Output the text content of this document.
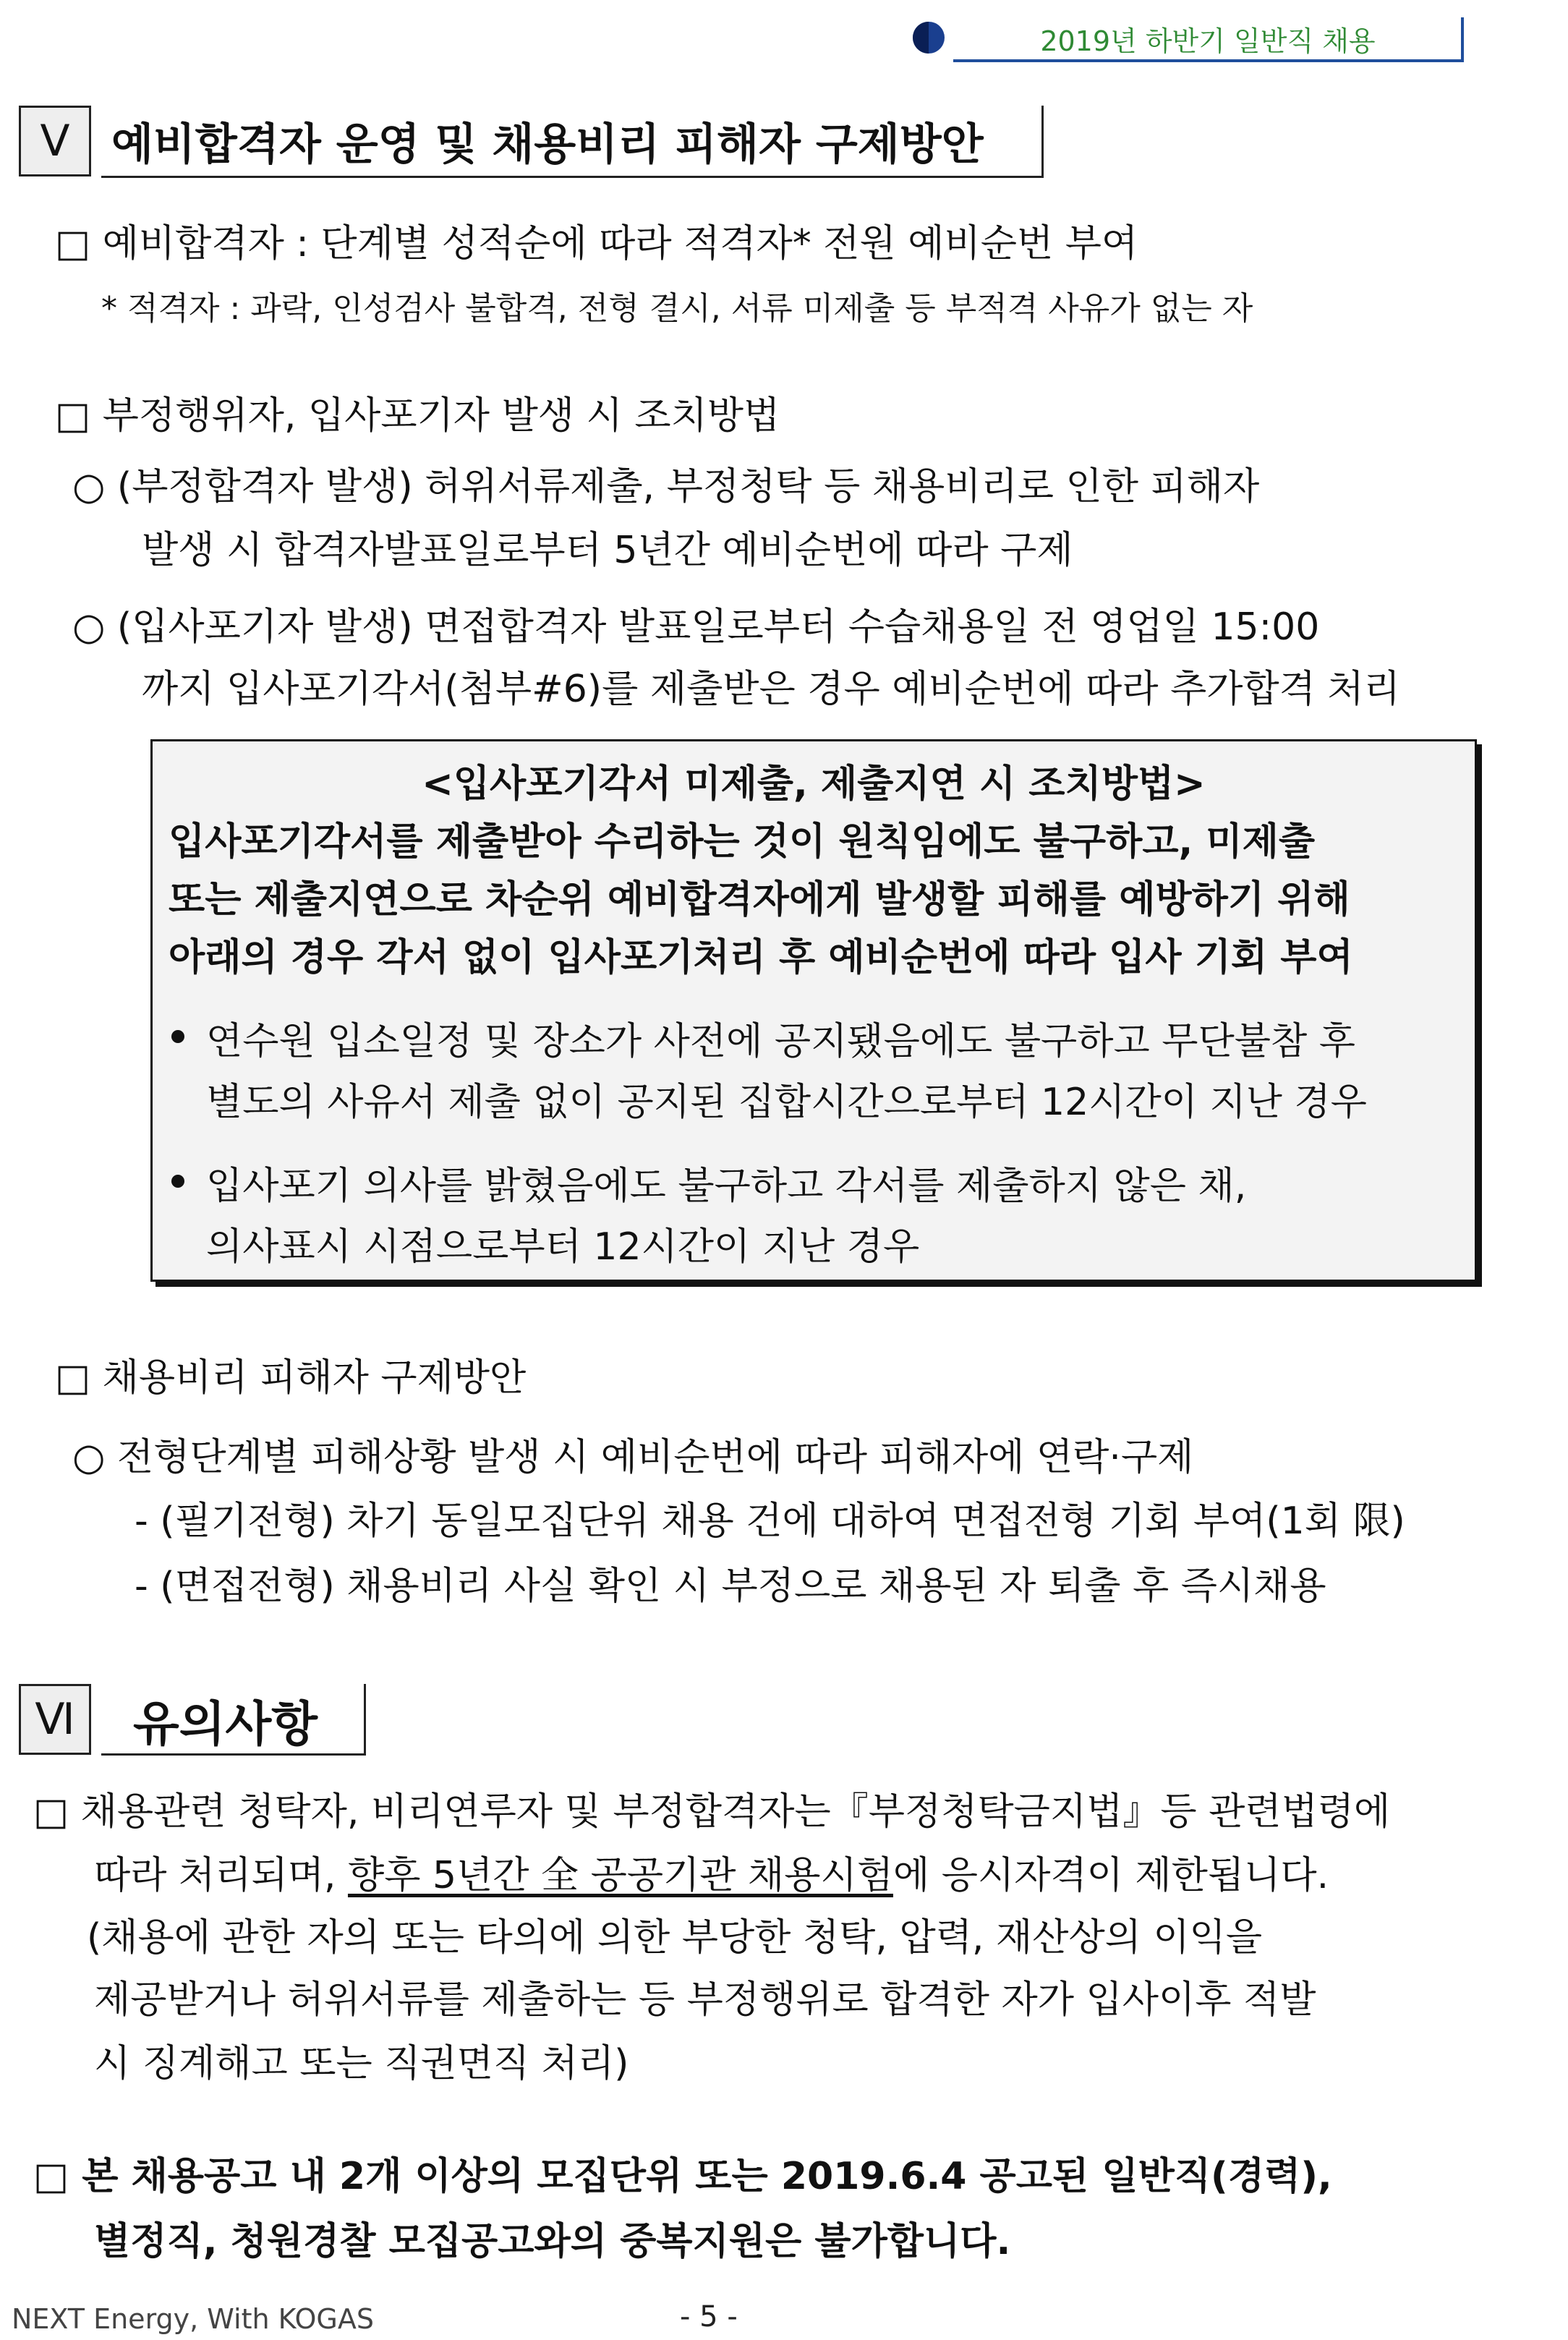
2019년 하반기 일반직 채용
Ⅴ 예비합격자 운영 및 채용비리 피해자 구제방안
□ 예비합격자 : 단계별 성적순에 따라 적격자* 전원 예비순번 부여
* 적격자 : 과락, 인성검사 불합격, 전형 결시, 서류 미제출 등 부적격 사유가 없는 자
□ 부정행위자, 입사포기자 발생 시 조치방법
○ (부정합격자 발생) 허위서류제출, 부정청탁 등 채용비리로 인한 피해자
발생 시 합격자발표일로부터 5년간 예비순번에 따라 구제
○ (입사포기자 발생) 면접합격자 발표일로부터 수습채용일 전 영업일 15:00
까지 입사포기각서(첨부#6)를 제출받은 경우 예비순번에 따라 추가합격 처리
<입사포기각서 미제출, 제출지연 시 조치방법>
입사포기각서를 제출받아 수리하는 것이 원칙임에도 불구하고, 미제출
또는 제출지연으로 차순위 예비합격자에게 발생할 피해를 예방하기 위해
아래의 경우 각서 없이 입사포기처리 후 예비순번에 따라 입사 기회 부여
연수원 입소일정 및 장소가 사전에 공지됐음에도 불구하고 무단불참 후
별도의 사유서 제출 없이 공지된 집합시간으로부터 12시간이 지난 경우
입사포기 의사를 밝혔음에도 불구하고 각서를 제출하지 않은 채,
의사표시 시점으로부터 12시간이 지난 경우
□ 채용비리 피해자 구제방안
○ 전형단계별 피해상황 발생 시 예비순번에 따라 피해자에 연락·구제
- (필기전형) 차기 동일모집단위 채용 건에 대하여 면접전형 기회 부여(1회 限)
- (면접전형) 채용비리 사실 확인 시 부정으로 채용된 자 퇴출 후 즉시채용
Ⅵ	유의사항
□ 채용관련 청탁자, 비리연루자 및 부정합격자는『부정청탁금지법』등 관련법령에
따라 처리되며, 향후 5년간 全 공공기관 채용시험에 응시자격이 제한됩니다.
(채용에 관한 자의 또는 타의에 의한 부당한 청탁, 압력, 재산상의 이익을
제공받거나 허위서류를 제출하는 등 부정행위로 합격한 자가 입사이후 적발
시 징계해고 또는 직권면직 처리)
□ 본 채용공고 내 2개 이상의 모집단위 또는 2019.6.4 공고된 일반직(경력),
별정직, 청원경찰 모집공고와의 중복지원은 불가합니다.
NEXT Energy, With KOGAS	- 5 -
